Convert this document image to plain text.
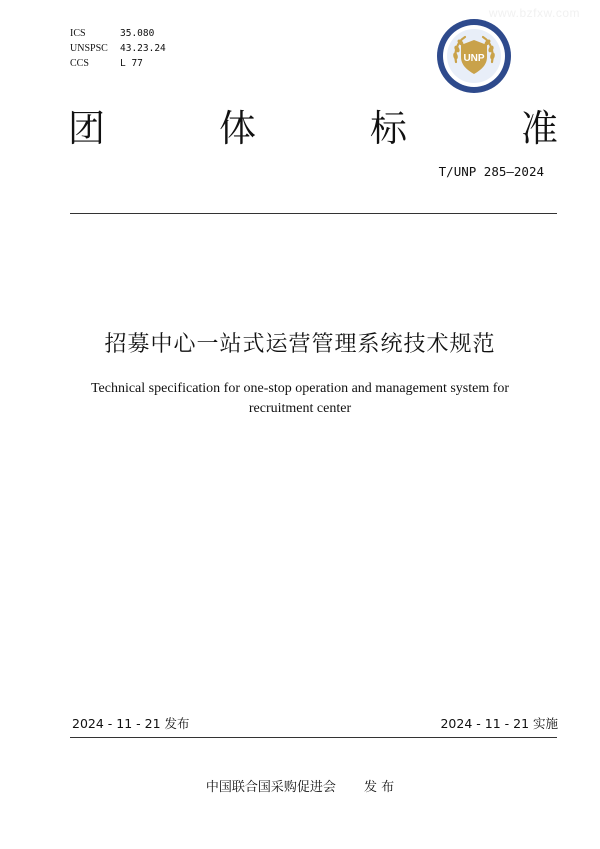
www.bzfxw.com
ICS	35.080
UNSPSC	43.23.24
CCS	L 77	UNP
团	体	标	准
T/UNP 285—2024
招募中心一站式运营管理系统技术规范
Technical specification for one-stop operation and management system for recruitment center
2024 - 11 - 21 发布	2024 - 11 - 21 实施
中国联合国采购促进会 发 布
